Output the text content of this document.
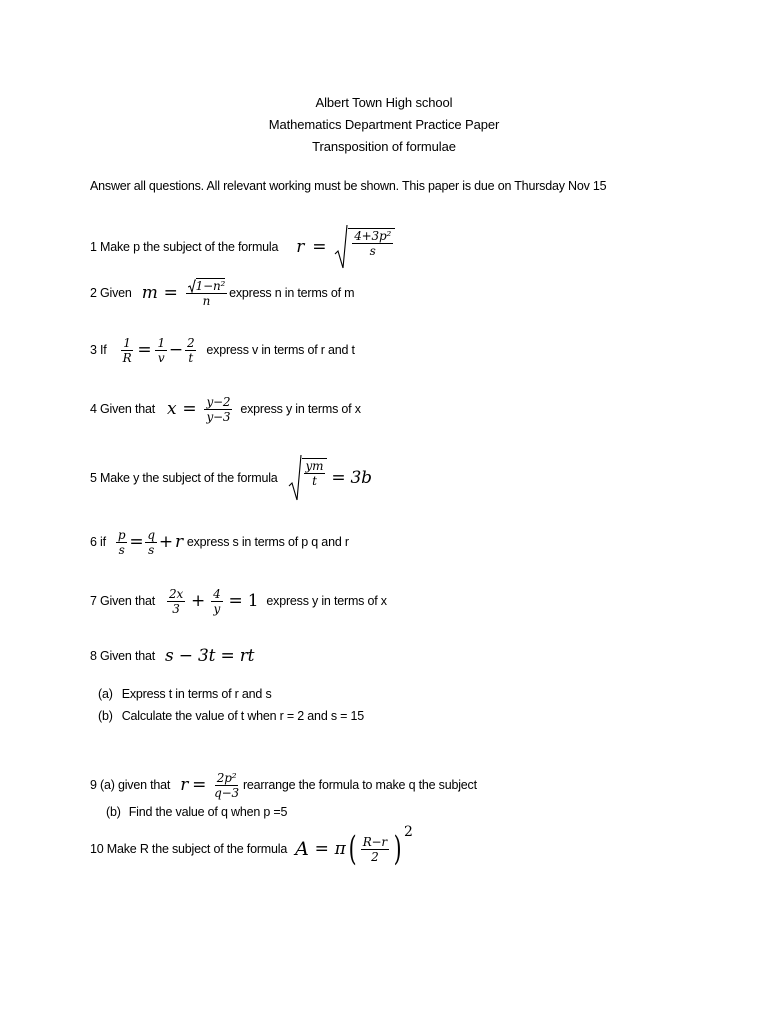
Albert Town High school
Mathematics Department Practice Paper
Transposition of formulae
Answer all questions. All relevant working must be shown. This paper is due on Thursday Nov 15
1 Make p the subject of the formula $r = \frac{\text{4+3p²}}{s}$
2 Given $m = \frac{\text{1−n²}}{n}$ express n in terms of m
3 If $\frac{1}{R} = \frac{1}{v} - \frac{2}{t}$ express v in terms of r and t
4 Given that $x = \frac{y-2}{y-3}$ express y in terms of x
5 Make y the subject of the formula $\frac{ym}{t} = 3b$
6 if $\frac{p}{s} = \frac{q}{s} + r$ express s in terms of p q and r
7 Given that $\frac{2x}{3} + \frac{4}{y} = 1$ express y in terms of x
8 Given that s − 3t = rt
(a) Express t in terms of r and s
(b) Calculate the value of t when r = 2 and s = 15
9 (a) given that $r = \frac{\text{2p²}}{q-3}$ rearrange the formula to make q the subject
(b) Find the value of q when p =5
10 Make R the subject of the formula A = π ( $\frac{R-r}{2}$ ) 2
